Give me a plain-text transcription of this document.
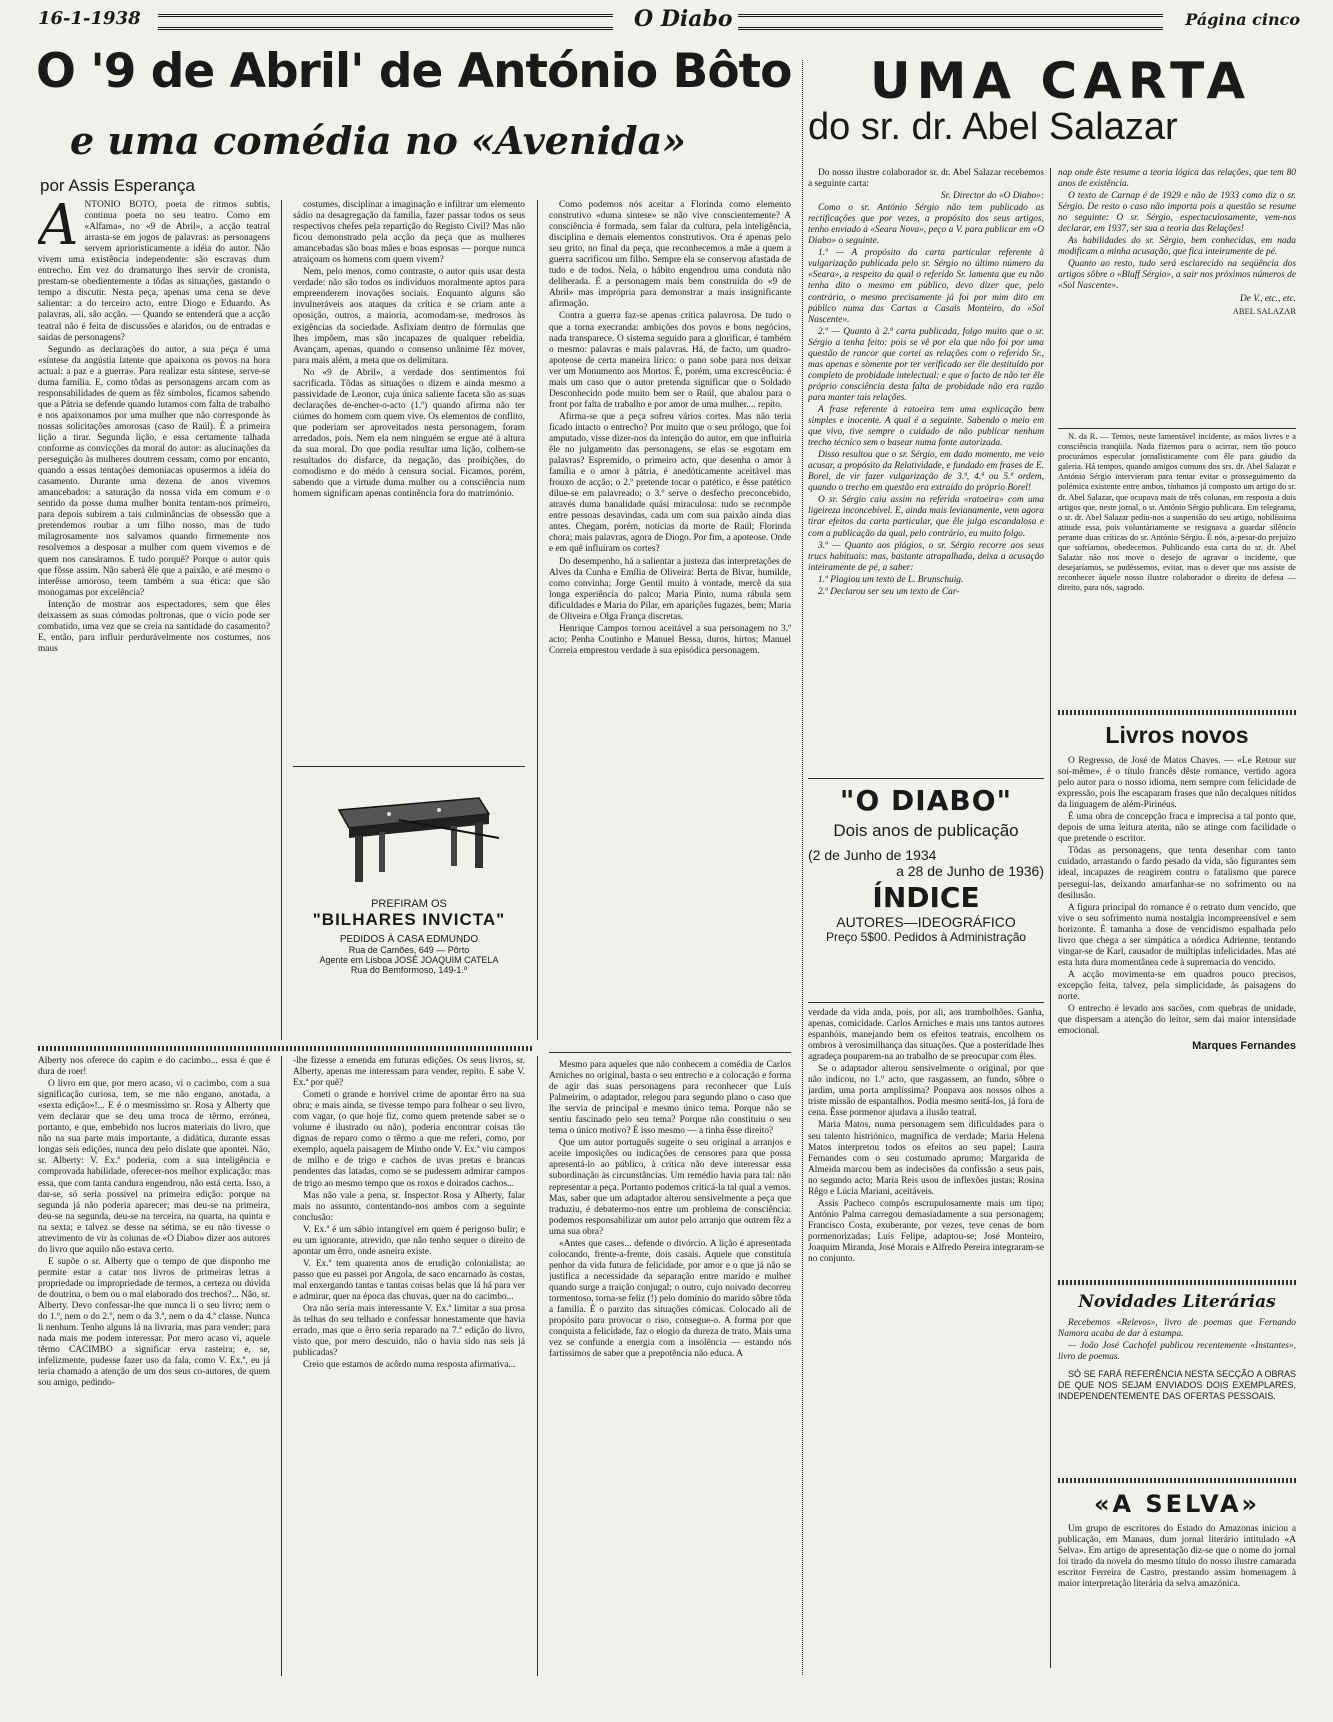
16-1-1938	O Diabo	Página cinco
O '9 de Abril' de António Bôto
e uma comédia no «Avenida»
por Assis Esperança
A NTÓNIO BÔTO, poeta de ritmos subtis, continua poeta no seu teatro. Como em «Alfama», no «9 de Abril», a acção teatral arrasta-se em jogos de palavras: as personagens servem aprioristicamente a idéia do autor. Não vivem uma existência independente: são escravas dum entrecho. Em vez do dramaturgo lhes servir de cronista, prestam-se obedientemente a tôdas as situações, gastando o tempo a discutir. Nesta peça, apenas uma cena se deve salientar: a do terceiro acto, entre Diogo e Eduardo. As palavras, ali, são acção. — Quando se entenderá que a acção teatral não é feita de discussões e alaridos, ou de entradas e saídas de personagens?

Segundo as declarações do autor, a sua peça é uma «síntese da angústia latente que apaixona os povos na hora actual: a paz e a guerra». Para realizar esta síntese, serve-se duma família. E, como tôdas as personagens arcam com as responsabilidades de quem as fêz símbolos, ficamos sabendo que a Pátria se defende quando lutamos com falta de trabalho e nos apaixonamos por uma mulher que não corresponde às nossas solicitações amorosas (caso de Raúl). É a primeira lição a tirar. Segunda lição, e essa certamente talhada conforme as convicções da moral do autor: as alucinações da perseguição às mulheres doutrem cessam, como por encanto, quando a essas tentações demoníacas opusermos a idéia do casamento. Durante uma dezena de anos vivemos amancebados: a saturação da nossa vida em comum e o sentido da posse duma mulher bonita tentam-nos primeiro, para depois subirem a tais culminâncias de obsessão que a pretendemos roubar a um filho nosso, mas de tudo milagrosamente nos salvamos quando firmemente nos resolvemos a desposar a mulher com quem vivemos e de quem nos cansáramos. E tudo porquê? Porque o autor quis que fôsse assim. Não saberá êle que a paixão, e até mesmo o interêsse amoroso, teem também a sua ética: que são monogamas por excelência?

Intenção de mostrar aos espectadores, sem que êles deixassem as suas cómodas poltronas, que o vício pode ser combatido, uma vez que se creia na santidade do casamento? E, então, para influir perdurávelmente nos costumes, nos maus

costumes, disciplinar a imaginação e infiltrar um elemento sádio na desagregação da família, fazer passar todos os seus respectivos chefes pela repartição do Registo Civil? Mas não ficou demonstrado pela acção da peça que as mulheres amancebadas são boas mães e boas esposas — porque nunca atraiçoam os homens com quem vivem?

Nem, pelo menos, como contraste, o autor quis usar desta verdade: não são todos os indivíduos moralmente aptos para empreenderem inovações sociais. Enquanto alguns são invulneráveis aos ataques da crítica e se criam ante a oposição, outros, a maioria, acomodam-se, medrosos às exigências da sociedade. Asfixiam dentro de fórmulas que lhes impõem, mas são incapazes de qualquer rebeldia. Avançam, apenas, quando o consenso unânime fêz mover, para mais além, a meta que os delimitara.

No «9 de Abril», a verdade dos sentimentos foi sacrificada. Tôdas as situações o dizem e ainda mesmo a passividade de Leonor, cuja única saliente faceta são as suas declarações de-encher-o-acto (1.º) quando afirma não ter ciúmes do homem com quem vive. Os elementos de conflito, que poderiam ser aproveitados nesta personagem, foram arredados, pois. Nem ela nem ninguém se ergue até à altura da sua moral. Do que podia resultar uma lição, colhem-se resultados do disfarce, da negação, das proibições, do comodismo e do médo à censura social. Ficamos, porém, sabendo que a virtude duma mulher ou a consciência num homem significam apenas continência fora do matrimónio.

PREFIRAM OS
"BILHARES INVICTA"
PEDIDOS À CASA EDMUNDO
Rua de Camões, 649 — Pôrto
Agente em Lisboa JOSÉ JOAQUIM CATELA
Rua do Bemformoso, 149-1.º

Como podemos nós aceitar a Florinda como elemento construtivo «duma síntese» se não vive conscientemente? A consciência é formada, sem falar da cultura, pela inteligência, disciplina e demais elementos construtivos. Ora é apenas pelo seu grito, no final da peça, que reconhecemos a mãe a quem a guerra sacrificou um filho. Sempre ela se conservou afastada de tudo e de todos. Nela, o hábito engendrou uma conduta não deliberada. É a personagem mais bem construída do «9 de Abril» mas imprópria para demonstrar a mais insignificante afirmação.

Contra a guerra faz-se apenas crítica palavrosa. De tudo o que a torna execranda: ambições dos povos e bons negócios, nada transparece. O sistema seguido para a glorificar, é também o mesmo: palavras e mais palavras. Há, de facto, um quadro-apoteose de certa maneira lírico: o pano sobe para nos deixar ver um Monumento aos Mortos. É, porém, uma excrescência: é mais um caso que o autor pretenda significar que o Soldado Desconhecido pode muito bem ser o Raúl, que abalou para o front por falta de trabalho e por amor de uma mulher.... repito.

Afirma-se que a peça sofreu vários cortes. Mas não teria ficado intacto o entrecho? Por muito que o seu prólogo, que foi amputado, visse dizer-nos da intenção do autor, em que influiria êle no julgamento das personagens, se elas se esgotam em palavras? Espremido, o primeiro acto, que desenha o amor à família e o amor à pátria, é anedòticamente aceitável mas frouxo de acção; o 2.º pretende tocar o patético, e êsse patético dilue-se em palavreado; o 3.º serve o desfecho preconcebido, através duma banalidade quási miraculosa: tudo se recompõe entre pessoas desavindas, cada um com sua paixão ainda dias antes. Chegam, porém, notícias da morte de Raúl; Florinda chora; mais palavras, agora de Diogo. Por fim, a apoteose. Onde e em quê influíram os cortes?

Do desempenho, há a salientar a justeza das interpretações de Alves da Cunha e Emília de Oliveira: Berta de Bivar, humilde, como convinha; Jorge Gentil muito à vontade, mercê da sua longa experiência do palco; Maria Pinto, numa rábula sem dificuldades e Maria do Pilar, em aparições fugazes, bem; Maria de Oliveira e Olga França discretas.

Henrique Campos tornou aceitável a sua personagem no 3.º acto; Penha Coutinho e Manuel Bessa, duros, hirtos; Manuel Correia emprestou verdade à sua episódica personagem.

Alberty nos oferece do capim e do cacimbo... essa é que é dura de roer!

O livro em que, por mero acaso, vi o cacimbo, com a sua significação curiosa, tem, se me não engano, anotada, a «sexta edição»!... E é o mesmíssimo sr. Rosa y Alberty que vem declarar que se deu uma troca de têrmo, errónea, portanto, e que, embebido nos lucros materiais do livro, que não na sua parte mais importante, a didática, durante essas longas seis edições, nunca deu pelo dislate que apontei. Não, sr. Alberty: V. Ex.ª poderia, com a sua inteligência e comprovada habilidade, oferecer-nos melhor explicação: mas essa, que com tanta candura engendrou, não está certa. Isso, a dar-se, só seria possível na primeira edição: porque na segunda já não poderia aparecer; mas deu-se na primeira, deu-se na segunda, deu-se na terceira, na quarta, na quinta e na sexta; e talvez se desse na sétima, se eu não tivesse o atrevimento de vir às colunas de «O Diabo» dizer aos autores do livro que aquilo não estava certo.

E supõe o sr. Alberty que o tempo de que disponho me permite estar a catar nos livros de primeiras letras a propriedade ou impropriedade de termos, a certeza ou dúvida de doutrina, o bem ou o mal elaborado dos trechos?... Não, sr. Alberty. Devo confessar-lhe que nunca li o seu livro; nem o do 1.º, nem o do 2.º, nem o da 3.ª, nem o da 4.ª classe. Nunca li nenhum. Tenho alguns lá na livraria, mas para vender; para nada mais me podem interessar. Por mero acaso vi, aquele têrmo CACIMBO a significar erva rasteira; e, se, infelizmente, pudesse fazer uso da fala, como V. Ex.ª, eu já teria chamado a atenção de um dos seus co-autores, de quem sou amigo, pedindo-

-lhe fizesse a emenda em futuras edições. Os seus livros, sr. Alberty, apenas me interessam para vender, repito. E sabe V. Ex.ª por quê?

Cometi o grande e horrível crime de apontar êrro na sua obra; e mais ainda, se tivesse tempo para folhear o seu livro, com vagar, (o que hoje fiz, como quem pretende saber se o volume é ilustrado ou não), poderia encontrar coisas tão dignas de reparo como o têrmo a que me referi, como, por exemplo, aquela paisagem de Minho onde V. Ex.ª viu campos de milho e de trigo e cachos de uvas pretas e brancas pendentes das latadas, como se se pudessem admirar campos de trigo ao mesmo tempo que os roxos e doirados cachos...

Mas não vale a pena, sr. Inspector Rosa y Alberty, falar mais no assunto, contentando-nos ambos com a seguinte conclusão:

V. Ex.ª é um sábio intangível em quem é perigoso bulir; e eu um ignorante, atrevido, que não tenho sequer o direito de apontar um êrro, onde asneira existe.

V. Ex.ª tem quarenta anos de erudição colonialista; ao passo que eu passei por Angola, de saco encarnado às costas, mal enxergando tantas e tantas coisas belas que lá há para ver e admirar, quer na época das chuvas, quer na do cacimbo...

Ora não seria mais interessante V. Ex.ª limitar a sua prosa às telhas do seu telhado e confessar honestamente que havia errado, mas que o êrro seria reparado na 7.ª edição do livro, visto que, por mero descuido, não o havia sido nas seis já publicadas?

Creio que estamos de acôrdo numa resposta afirmativa...

Mesmo para aqueles que não conhecem a comédia de Carlos Arniches no original, basta o seu entrecho e a colocação e forma de agir das suas personagens para reconhecer que Luís Palmeirim, o adaptador, relegou para segundo plano o caso que lhe servia de principal e mesmo único tema. Porque não se sentiu fascinado pelo seu tema? Porque não constituiu o seu tema o único motivo? É isso mesmo — a tinha êsse direito?

Que um autor português sugeite o seu original a arranjos e aceite imposições ou indicações de censores para que possa apresentá-lo ao público, à crítica não deve interessar essa subordinação às circunstâncias. Um remédio havia para tal: não representar a peça. Portanto podemos criticá-la tal qual a vemos. Mas, saber que um adaptador alterou sensivelmente a peça que traduziu, é debatermo-nos entre um problema de consciência: podemos responsabilizar um autor pelo arranjo que outrem fêz a uma sua obra?

«Antes que cases... defende o divórcio. A lição é apresentada colocando, frente-a-frente, dois casais. Aquele que constituía penhor da vida futura de felicidade, por amor e o que já não se justifica a necessidade da separação entre marido e mulher quando surge a traição conjugal; o outro, cujo noivado decorreu tormentoso, torna-se feliz (!) pelo domínio do marido sôbre tôda a família. É o parzito das situações cómicas. Colocado ali de propósito para provocar o riso, consegue-o. A forma por que conquista a felicidade, faz o elogio da dureza de trato. Mais uma vez se confunde a energia com a insolência — estando nós fartíssimos de saber que a prepotência não educa. A

UMA CARTA
do sr. dr. Abel Salazar

Do nosso ilustre colaborador sr. dr. Abel Salazar recebemos a seguinte carta:

Sr. Director do «O Diabo»:

Como o sr. António Sérgio não tem publicado as rectificações que por vezes, a propósito dos seus artigos, tenho enviado à «Seara Nova», peço a V. para publicar em «O Diabo» o seguinte.

1.º — A propósito da carta particular referente à vulgarização publicada pelo sr. Sérgio no último número da «Seara», a respeito da qual o referido Sr. lamenta que eu não tenha dito o mesmo em público, devo dizer que, pelo contrário, o mesmo precisamente já foi por mim dito em público numa das Cartas a Casais Monteiro, do «Sol Nascente».

2.º — Quanto à 2.ª carta publicada, folgo muito que o sr. Sérgio a tenha feito: pois se vê por ela que não foi por uma questão de rancor que cortei as relações com o referido Sr., mas apenas e sòmente por ter verificado ser êle destituído por completo de probidade intelectual: e que o facto de não ter êle próprio consciência desta falta de probidade não era razão para manter tais relações.

A frase referente à ratoeira tem uma explicação bem simples e inocente. A qual é a seguinte. Sabendo o meio em que vivo, tive sempre o cuidado de não publicar nenhum trecho técnico sem o basear numa fonte autorizada.

Disso resultou que o sr. Sérgio, em dado momento, me veio acusar, a propósito da Relatividade, e fundado em frases de E. Borel, de vir fazer vulgarização de 3.ª, 4.ª ou 5.ª ordem, quando o trecho em questão era extraído do próprio Borel!

O sr. Sérgio caiu assim na referida «ratoeira» com uma ligeireza inconcebível. E, ainda mais levianamente, vem agora tirar efeitos da carta particular, que êle julga escandalosa e com a publicação da qual, pelo contrário, eu muito folgo.

3.º — Quanto aos plágios, o sr. Sérgio recorre aos seus trucs habituais: mas, bastante atrapalhada, deixa a acusação inteiramente de pé, a saber:

1.º Plagiou um texto de L. Brunschuig.

2.º Declarou ser seu um texto de Car-

nap onde êste resume a teoria lógica das relações, que tem 80 anos de existência.

O texto de Carnap é de 1929 e não de 1933 como diz o sr. Sérgio. De resto o caso não importa pois a questão se resume no seguinte: O sr. Sérgio, espectaculosamente, vem-nos declarar, em 1937, ser sua a teoria das Relações!

As habilidades do sr. Sérgio, bem conhecidas, em nada modificam a minha acusação, que fica inteiramente de pé.

Quanto ao resto, tudo será esclarecido na seqüência dos artigos sôbre o «Bluff Sérgio», a sair nos próximos números de «Sol Nascente».

De V., etc., etc.

ABEL SALAZAR

N. da R. — Temos, neste lamentável incidente, as mãos livres e a consciência tranqüila. Nada fizemos para o acirrar, nem tão pouco procurámos especular jornalìsticamente com êle para gáudio da galeria. Há tempos, quando amigos comuns dos srs. dr. Abel Salazar e António Sérgio intervieram para tentar evitar o prosseguimento da polémica existente entre ambos, tínhamos já composto um artigo do sr. dr. Abel Salazar, que ocupava mais de três colunas, em resposta a dois artigos que, neste jornal, o sr. António Sérgio publicara. Em telegrama, o sr. dr. Abel Salazar pediu-nos a suspensão do seu artigo, nobilíssima atitude essa, pois voluntàriamente se resignava a guardar silêncio perante duas críticas do sr. António Sérgio. É nós, a-pesar-do prejuízo que sofríamos, obedecemos. Publicando esta carta do sr. dr. Abel Salazar não nos move o desejo de agravar o incidente, que desejaríamos, se pudéssemos, evitar, mas o dever que nos assiste de reconhecer àquele nosso ilustre colaborador o direito de defesa — direito, para nós, sagrado.

Livros novos

O Regresso, de José de Matos Chaves. — «Le Retour sur soi-même», é o título francês dêste romance, vertido agora pelo autor para o nosso idioma, nem sempre com felicidade de expressão, pois lhe escaparam frases que não decalques nítidos da linguagem de além-Pirinéus.

É uma obra de concepção fraca e imprecisa a tal ponto que, depois de uma leitura atenta, não se atinge com facilidade o que pretende o escritor.

Tôdas as personagens, que tenta desenhar com tanto cuidado, arrastando o fardo pesado da vida, são figurantes sem ideal, incapazes de reagirem contra o fatalismo que parece persegui-las, deixando amarfanhar-se no sofrimento ou na desilusão.

A figura principal do romance é o retrato dum vencido, que vive o seu sofrimento numa nostalgia incompreensível e sem horizonte. É tamanha a dose de vencidismo espalhada pelo livro que chega a ser simpática a nórdica Adrienne, tentando vingar-se de Karl, causador de múltiplas infelicidades. Mas até esta luta dura momentânea cede à supremacia do vencido.

A acção movimenta-se em quadros pouco precisos, excepção feita, talvez, pela simplicidade, às paisagens do norte.

O entrecho é levado aos sacões, com quebras de unidade, que dispersam a atenção do leitor, sem dai maior intensidade emocional.

Marques Fernandes

Novidades Literárias

Recebemos «Relevos», livro de poemas que Fernando Namora acaba de dar à estampa.

— João José Cachofel publicou recentemente «Instantes», livro de poemas.

SÓ SE FARÁ REFERÊNCIA NESTA SECÇÃO A OBRAS DE QUE NOS SEJAM ENVIADOS DOIS EXEMPLARES, INDEPENDENTEMENTE DAS OFERTAS PESSOAIS.

«A SELVA»

Um grupo de escritores do Estado do Amazonas iniciou a publicação, em Manaus, dum jornal literário intitulado «A Selva». Em artigo de apresentação diz-se que o nome do jornal foi tirado da novela do mesmo título do nosso ilustre camarada escritor Ferreira de Castro, prestando assim homenagem à maior interpretação literária da selva amazónica.

"O DIABO"
Dois anos de publicação
(2 de Junho de 1934
a 28 de Junho de 1936)
ÍNDICE
AUTORES—IDEOGRÁFICO
Preço 5$00. Pedidos à Administração

verdade da vida anda, pois, por ali, aos trambolhões. Ganha, apenas, comicidade. Carlos Arniches e mais uns tantos autores espanhóis, manejando bem os efeitos teatrais, encolhem os ombros à verosimilhança das situações. Que a posteridade lhes agradeça pouparem-na ao trabalho de se preocupar com êles.

Se o adaptador alterou sensivelmente o original, por que não indicou, no 1.º acto, que rasgassem, ao fundo, sôbre o jardim, uma porta amplíssima? Poupava aos nossos olhos a triste missão de espantalhos. Podia mesmo sentá-los, já fora de cena. Êsse pormenor ajudava a ilusão teatral.

Maria Matos, numa personagem sem dificuldades para o seu talento histriónico, magnífica de verdade; Maria Helena Matos interpretou todos os efeitos ao seu papel; Laura Fernandes com o seu costumado aprumo; Margarida de Almeida marcou bem as indecisões da confissão a seus pais, no segundo acto; Maria Reis usou de inflexões justas; Rosina Rêgo e Lúcia Mariani, aceitáveis.

Assis Pacheco compôs escrupulosamente mais um tipo; António Palma carregou demasiadamente a sua personagem; Francisco Costa, exuberante, por vezes, teve cenas de bom pormenorizadas; Luís Felipe, adaptou-se; José Monteiro, Joaquim Miranda, José Morais e Alfredo Pereira integraram-se no conjunto.
